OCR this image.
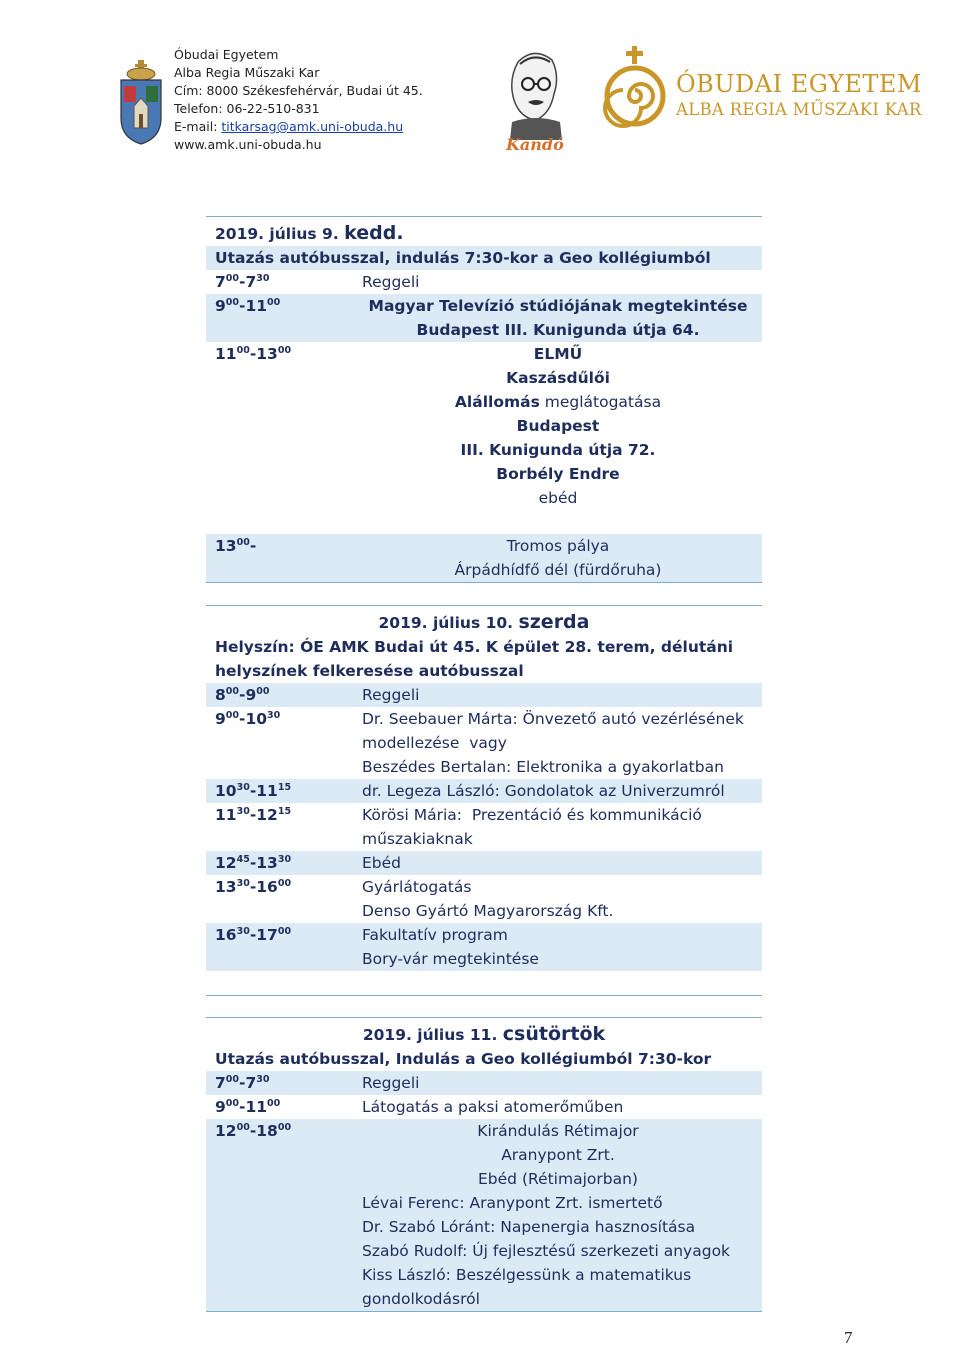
Óbudai Egyetem
Alba Regia Műszaki Kar
Cím: 8000 Székesfehérvár, Budai út 45.
Telefon: 06-22-510-831
E-mail: titkarsag@amk.uni-obuda.hu
www.amk.uni-obuda.hu	Kandó
ÓBUDAI EGYETEM
ALBA REGIA MŰSZAKI KAR
2019. július 9. kedd.
Utazás autóbusszal, indulás 7:30-kor a Geo kollégiumból
$7^{00}-7^{30}$	Reggeli
$9^{00}-11^{00}$	Magyar Televízió stúdiójának megtekintése
Budapest III. Kunigunda útja 64.
$11^{00}-13^{00}$	ELMŰ
Kaszásdűlői
Alállomás meglátogatása
Budapest
III. Kunigunda útja 72.
Borbély Endre
ebéd
$13^{00}-$	Tromos pálya
Árpádhídfő dél (fürdőruha)
2019. július 10. szerda
Helyszín: ÓE AMK Budai út 45. K épület 28. terem, délutáni
helyszínek felkeresése autóbusszal
$8^{00}-9^{00}$	Reggeli
$9^{00}-10^{30}$	Dr. Seebauer Márta: Önvezető autó vezérlésének
modellezése  vagy
Beszédes Bertalan: Elektronika a gyakorlatban
$10^{30}-11^{15}$	dr. Legeza László: Gondolatok az Univerzumról
$11^{30}-12^{15}$	Körösi Mária:  Prezentáció és kommunikáció
műszakiaknak
$12^{45}-13^{30}$	Ebéd
$13^{30}-16^{00}$	Gyárlátogatás
Denso Gyártó Magyarország Kft.
$16^{30}-17^{00}$	Fakultatív program
Bory-vár megtekintése
2019. július 11. csütörtök
Utazás autóbusszal, Indulás a Geo kollégiumból 7:30-kor
$7^{00}-7^{30}$	Reggeli
$9^{00}-11^{00}$	Látogatás a paksi atomerőműben
$12^{00}-18^{00}$	Kirándulás Rétimajor
Aranypont Zrt.
Ebéd (Rétimajorban)
Lévai Ferenc: Aranypont Zrt. ismertető
Dr. Szabó Lóránt: Napenergia hasznosítása
Szabó Rudolf: Új fejlesztésű szerkezeti anyagok
Kiss László: Beszélgessünk a matematikus
gondolkodásról
7
